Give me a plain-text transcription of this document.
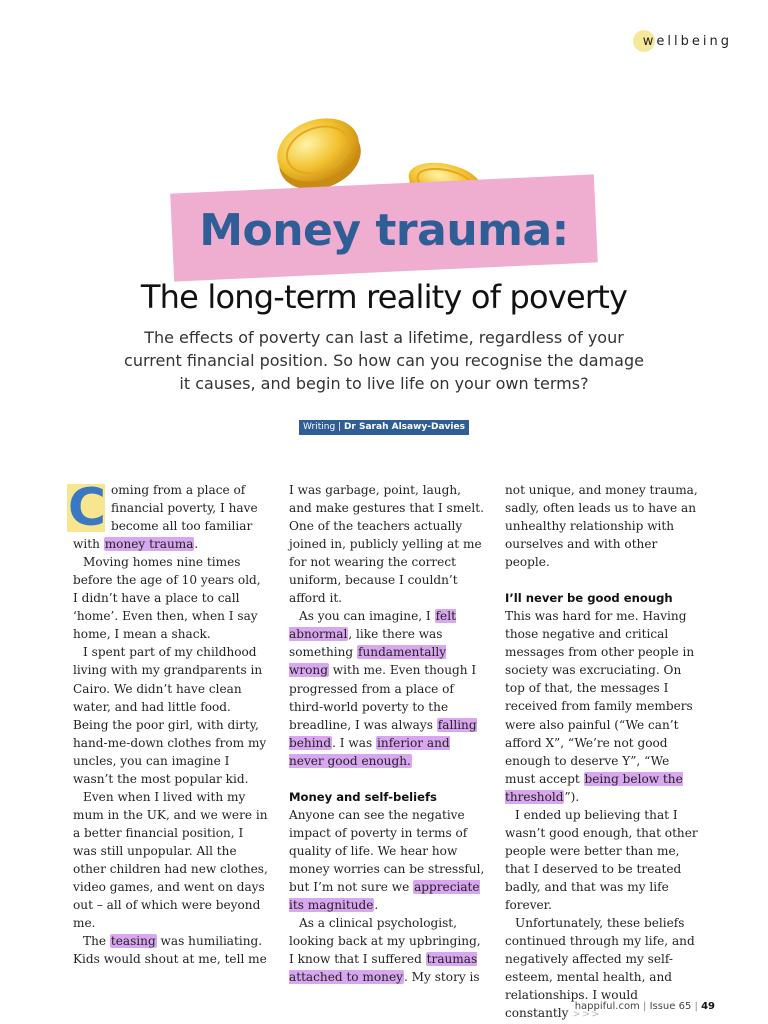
wellbeing
Money trauma:
The long-term reality of poverty

The effects of poverty can last a lifetime, regardless of your current financial position. So how can you recognise the damage it causes, and begin to live life on your own terms?

Writing | Dr Sarah Alsawy-Davies
C oming from a place of financial poverty, I have become all too familiar with money trauma.

Moving homes nine times before the age of 10 years old, I didn’t have a place to call ‘home’. Even then, when I say home, I mean a shack.

I spent part of my childhood living with my grandparents in Cairo. We didn’t have clean water, and had little food. Being the poor girl, with dirty, hand-me-down clothes from my uncles, you can imagine I wasn’t the most popular kid.

Even when I lived with my mum in the UK, and we were in a better financial position, I was still unpopular. All the other children had new clothes, video games, and went on days out – all of which were beyond me.

The teasing was humiliating. Kids would shout at me, tell me

I was garbage, point, laugh, and make gestures that I smelt. One of the teachers actually joined in, publicly yelling at me for not wearing the correct uniform, because I couldn’t afford it.

As you can imagine, I felt abnormal, like there was something fundamentally wrong with me. Even though I progressed from a place of third-world poverty to the breadline, I was always falling behind. I was inferior and never good enough.

Money and self-beliefs

Anyone can see the negative impact of poverty in terms of quality of life. We hear how money worries can be stressful, but I’m not sure we appreciate its magnitude.

As a clinical psychologist, looking back at my upbringing, I know that I suffered traumas attached to money. My story is

not unique, and money trauma, sadly, often leads us to have an unhealthy relationship with ourselves and with other people.

I’ll never be good enough

This was hard for me. Having those negative and critical messages from other people in society was excruciating. On top of that, the messages I received from family members were also painful (“We can’t afford X”, “We’re not good enough to deserve Y”, “We must accept being below the threshold”).

I ended up believing that I wasn’t good enough, that other people were better than me, that I deserved to be treated badly, and that was my life forever.

Unfortunately, these beliefs continued through my life, and negatively affected my self-esteem, mental health, and relationships. I would constantly >>>

happiful.com | Issue 65 | 49
